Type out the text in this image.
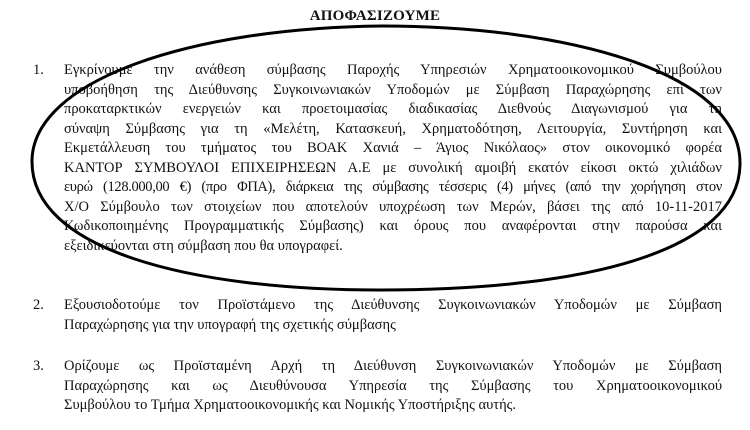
ΑΠΟΦΑΣΙΖΟΥΜΕ
1. Εγκρίνουμε την ανάθεση σύμβασης Παροχής Υπηρεσιών Χρηματοοικονομικού Συμβούλου
υποβοήθηση της Διεύθυνσης Συγκοινωνιακών Υποδομών με Σύμβαση Παραχώρησης επί των
προκαταρκτικών ενεργειών και προετοιμασίας διαδικασίας Διεθνούς Διαγωνισμού για τη
σύναψη Σύμβασης για τη «Μελέτη, Κατασκευή, Χρηματοδότηση, Λειτουργία, Συντήρηση και
Εκμετάλλευση του τμήματος του ΒΟΑΚ Χανιά – Άγιος Νικόλαος» στον οικονομικό φορέα
ΚΑΝΤΟΡ ΣΥΜΒΟΥΛΟΙ ΕΠΙΧΕΙΡΗΣΕΩΝ Α.Ε με συνολική αμοιβή εκατόν είκοσι οκτώ χιλιάδων
ευρώ (128.000,00 €) (προ ΦΠΑ), διάρκεια της σύμβασης τέσσερις (4) μήνες (από την χορήγηση στον
Χ/Ο Σύμβουλο των στοιχείων που αποτελούν υποχρέωση των Μερών, βάσει της από 10-11-2017
Κωδικοποιημένης Προγραμματικής Σύμβασης) και όρους που αναφέρονται στην παρούσα και
εξειδικεύονται στη σύμβαση που θα υπογραφεί.
2. Εξουσιοδοτούμε τον Προϊστάμενο της Διεύθυνσης Συγκοινωνιακών Υποδομών με Σύμβαση
Παραχώρησης για την υπογραφή της σχετικής σύμβασης
3. Ορίζουμε ως Προϊσταμένη Αρχή τη Διεύθυνση Συγκοινωνιακών Υποδομών με Σύμβαση
Παραχώρησης και ως Διευθύνουσα Υπηρεσία της Σύμβασης του Χρηματοοικονομικού
Συμβούλου το Τμήμα Χρηματοοικονομικής και Νομικής Υποστήριξης αυτής.
